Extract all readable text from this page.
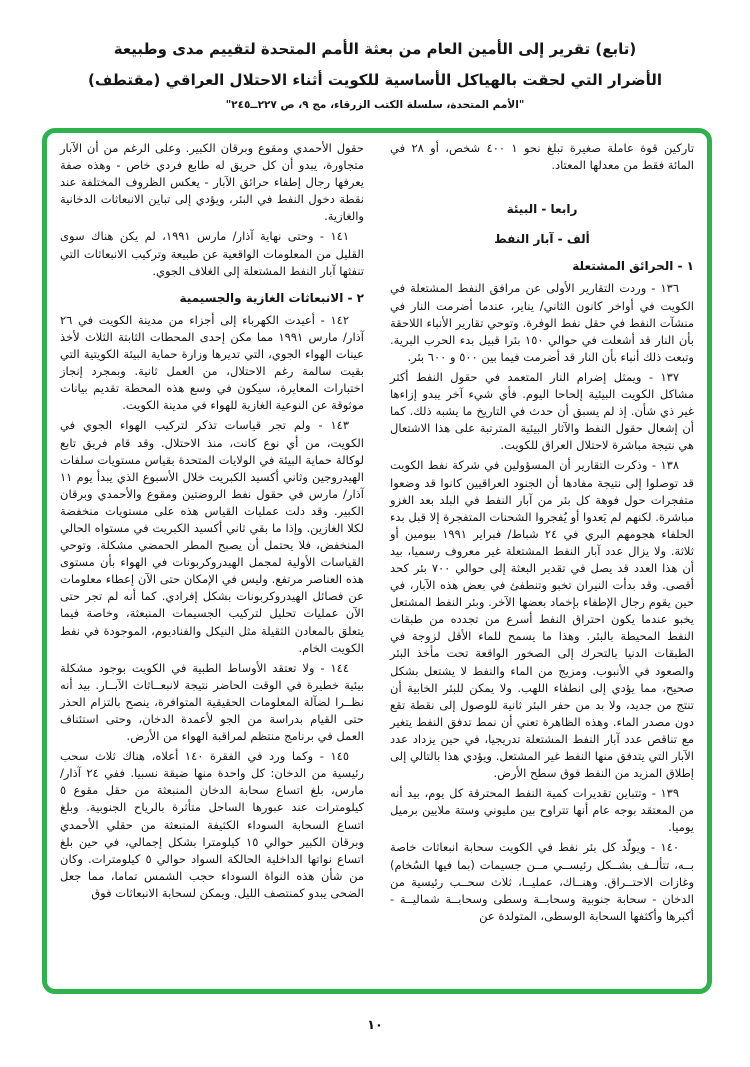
(تابع) تقرير إلى الأمين العام من بعثة الأمم المتحدة لتقييم مدى وطبيعة
الأضرار التي لحقت بالهياكل الأساسية للكويت أثناء الاحتلال العراقي (مقتطف)
"الأمم المتحدة، سلسلة الكتب الزرقاء، مج ٩، ص ٢٢٧ــ٢٤٥"

تاركين قوة عاملة صغيرة تبلغ نحو ١ ٤٠٠ شخص، أو ٢٨ في المائة فقط من معدلها المعتاد.

رابعا - البيئة
ألف - آبار النفط
١ - الحرائق المشتعلة

١٣٦ - وردت التقارير الأولى عن مرافق النفط المشتعلة في الكويت في أواخر كانون الثاني/ يناير، عندما أضرمت النار في منشآت النفط في حقل نفط الوفرة. وتوحي تقارير الأنباء اللاحقة بأن النار قد أشعلت في حوالي ١٥٠ بئرا قبيل بدء الحرب البرية. وتبعت ذلك أنباء بأن النار قد أضرمت فيما بين ٥٠٠ و ٦٠٠ بئر.

١٣٧ - ويمثل إضرام النار المتعمد في حقول النفط أكثر مشاكل الكويت البيئية إلحاحا اليوم. فأي شيء آخر يبدو إزاءها غير ذي شأن. إذ لم يسبق أن حدث في التاريخ ما يشبه ذلك. كما أن إشعال حقول النفط والآثار البيئية المترتبة على هذا الاشتعال هي نتيجة مباشرة لاحتلال العراق للكويت.

١٣٨ - وذكرت التقارير أن المسؤولين في شركة نفط الكويت قد توصلوا إلى نتيجة مفادها أن الجنود العراقيين كانوا قد وضعوا متفجرات حول فوهة كل بئر من آبار النفط في البلد بعد الغزو مباشرة. لكنهم لم يَعدوا أو يُفجروا الشحنات المتفجرة إلا قبل بدء الحلفاء هجومهم البري في ٢٤ شباط/ فبراير ١٩٩١ بيومين أو ثلاثة. ولا يزال عدد آبار النفط المشتعلة غير معروف رسميا، بيد أن هذا العدد قد يصل في تقدير البعثة إلى حوالي ٧٠٠ بئر كحد أقصى. وقد بدأت النيران تخبو وتنطفئ في بعض هذه الآبار، في حين يقوم رجال الإطفاء بإخماد بعضها الآخر. وبئر النفط المشتعل يخبو عندما يكون احتراق النفط أسرع من تجدده من طبقات النفط المحيطة بالبئر. وهذا ما يسمح للماء الأقل لزوجة في الطبقات الدنيا بالتحرك إلى الصخور الواقعة تحت مأخذ البئر والصعود في الأنبوب. ومزيج من الماء والنفط لا يشتعل بشكل صحيح، مما يؤدي إلى انطفاء اللهب. ولا يمكن للبئر الخابية أن تنتج من جديد، ولا بد من حفر البئر ثانية للوصول إلى نقطة تقع دون مصدر الماء. وهذه الظاهرة تعني أن نمط تدفق النفط يتغير مع تناقص عدد آبار النفط المشتعلة تدريجيا، في حين يزداد عدد الآبار التي يتدفق منها النفط غير المشتعل. ويؤدي هذا بالتالي إلى إطلاق المزيد من النفط فوق سطح الأرض.

١٣٩ - وتتباين تقديرات كمية النفط المحترقة كل يوم، بيد أنه من المعتقد بوجه عام أنها تتراوح بين مليوني وستة ملايين برميل يوميا.

١٤٠ - ويولّد كل بئر نفط في الكويت سحابة انبعاثات خاصة بــه، تتألــف بشــكل رئيســي مــن جسيمات (بما فيها السُخام) وغازات الاحتــراق. وهنــاك، عمليــا، ثلاث سحــب رئيسية من الدخان - سحابة جنوبية وسحابــة وسطى وسحابــة شماليــة - أكبرها وأكثفها السحابة الوسطى، المتولدة عن

حقول الأحمدي ومقوع وبرقان الكبير. وعلى الرغم من أن الآبار متجاورة، يبدو أن كل حريق له طابع فردي خاص - وهذه صفة يعرفها رجال إطفاء حرائق الآبار - يعكس الظروف المختلفة عند نقطة دخول النفط في البئر، ويؤدي إلى تباين الانبعاثات الدخانية والغازية.

١٤١ - وحتى نهاية آذار/ مارس ١٩٩١، لم يكن هناك سوى القليل من المعلومات الواقعية عن طبيعة وتركيب الانبعاثات التي تنفثها آبار النفط المشتعلة إلى الغلاف الجوي.

٢ - الانبعاثات الغازية والجسيمية

١٤٢ - أعيدت الكهرباء إلى أجزاء من مدينة الكويت في ٢٦ آذار/ مارس ١٩٩١ مما مكن إحدى المحطات الثابتة الثلاث لأخذ عينات الهواء الجوي، التي تديرها وزارة حماية البيئة الكويتية التي بقيت سالمة رغم الاحتلال، من العمل ثانية. وبمجرد إنجاز اختبارات المعايرة، سيكون في وسع هذه المحطة تقديم بيانات موثوقة عن النوعية الغازية للهواء في مدينة الكويت.

١٤٣ - ولم تجر قياسات تذكر لتركيب الهواء الجوي في الكويت، من أي نوع كانت، منذ الاحتلال. وقد قام فريق تابع لوكالة حماية البيئة في الولايات المتحدة بقياس مستويات سلفات الهيدروجين وثاني أكسيد الكبريت خلال الأسبوع الذي يبدأ يوم ١١ آذار/ مارس في حقول نفط الروضتين ومقوع والأحمدي وبرقان الكبير. وقد دلت عمليات القياس هذه على مستويات منخفضة لكلا الغازين. وإذا ما بقي ثاني أكسيد الكبريت في مستواه الحالي المنخفض، فلا يحتمل أن يصبح المطر الحمضي مشكلة. وتوحي القياسات الأولية لمجمل الهيدروكربونات في الهواء بأن مستوى هذه العناصر مرتفع. وليس في الإمكان حتى الآن إعطاء معلومات عن فصائل الهيدروكربونات بشكل إفرادي. كما أنه لم تجر حتى الآن عمليات تحليل لتركيب الجسيمات المنبعثة، وخاصة فيما يتعلق بالمعادن الثقيلة مثل النيكل والفناديوم، الموجودة في نفط الكويت الخام.

١٤٤ - ولا تعتقد الأوساط الطبية في الكويت بوجود مشكلة بيئية خطيرة في الوقت الحاضر نتيجة لانبعــاثات الآبــار. بيد أنه نظــرا لضآلة المعلومات الحقيقية المتوافرة، ينصح بالتزام الحذر حتى القيام بدراسة من الجو لأعمدة الدخان، وحتى استئناف العمل في برنامج منتظم لمراقبة الهواء من الأرض.

١٤٥ - وكما ورد في الفقرة ١٤٠ أعلاه، هناك ثلاث سحب رئيسية من الدخان: كل واحدة منها ضيقة نسبيا. ففي ٢٤ آذار/ مارس، بلغ اتساع سحابة الدخان المنبعثة من حقل مقوع ٥ كيلومترات عند عبورها الساحل متأثرة بالرياح الجنوبية. وبلغ اتساع السحابة السوداء الكثيفة المنبعثة من حقلي الأحمدي وبرقان الكبير حوالي ١٥ كيلومترا بشكل إجمالي، في حين بلغ اتساع نواتها الداخلية الحالكة السواد حوالي ٥ كيلومترات. وكان من شأن هذه النواة السوداء حجب الشمس تماما، مما جعل الضحى يبدو كمنتصف الليل. ويمكن لسحابة الانبعاثات فوق

١٠
